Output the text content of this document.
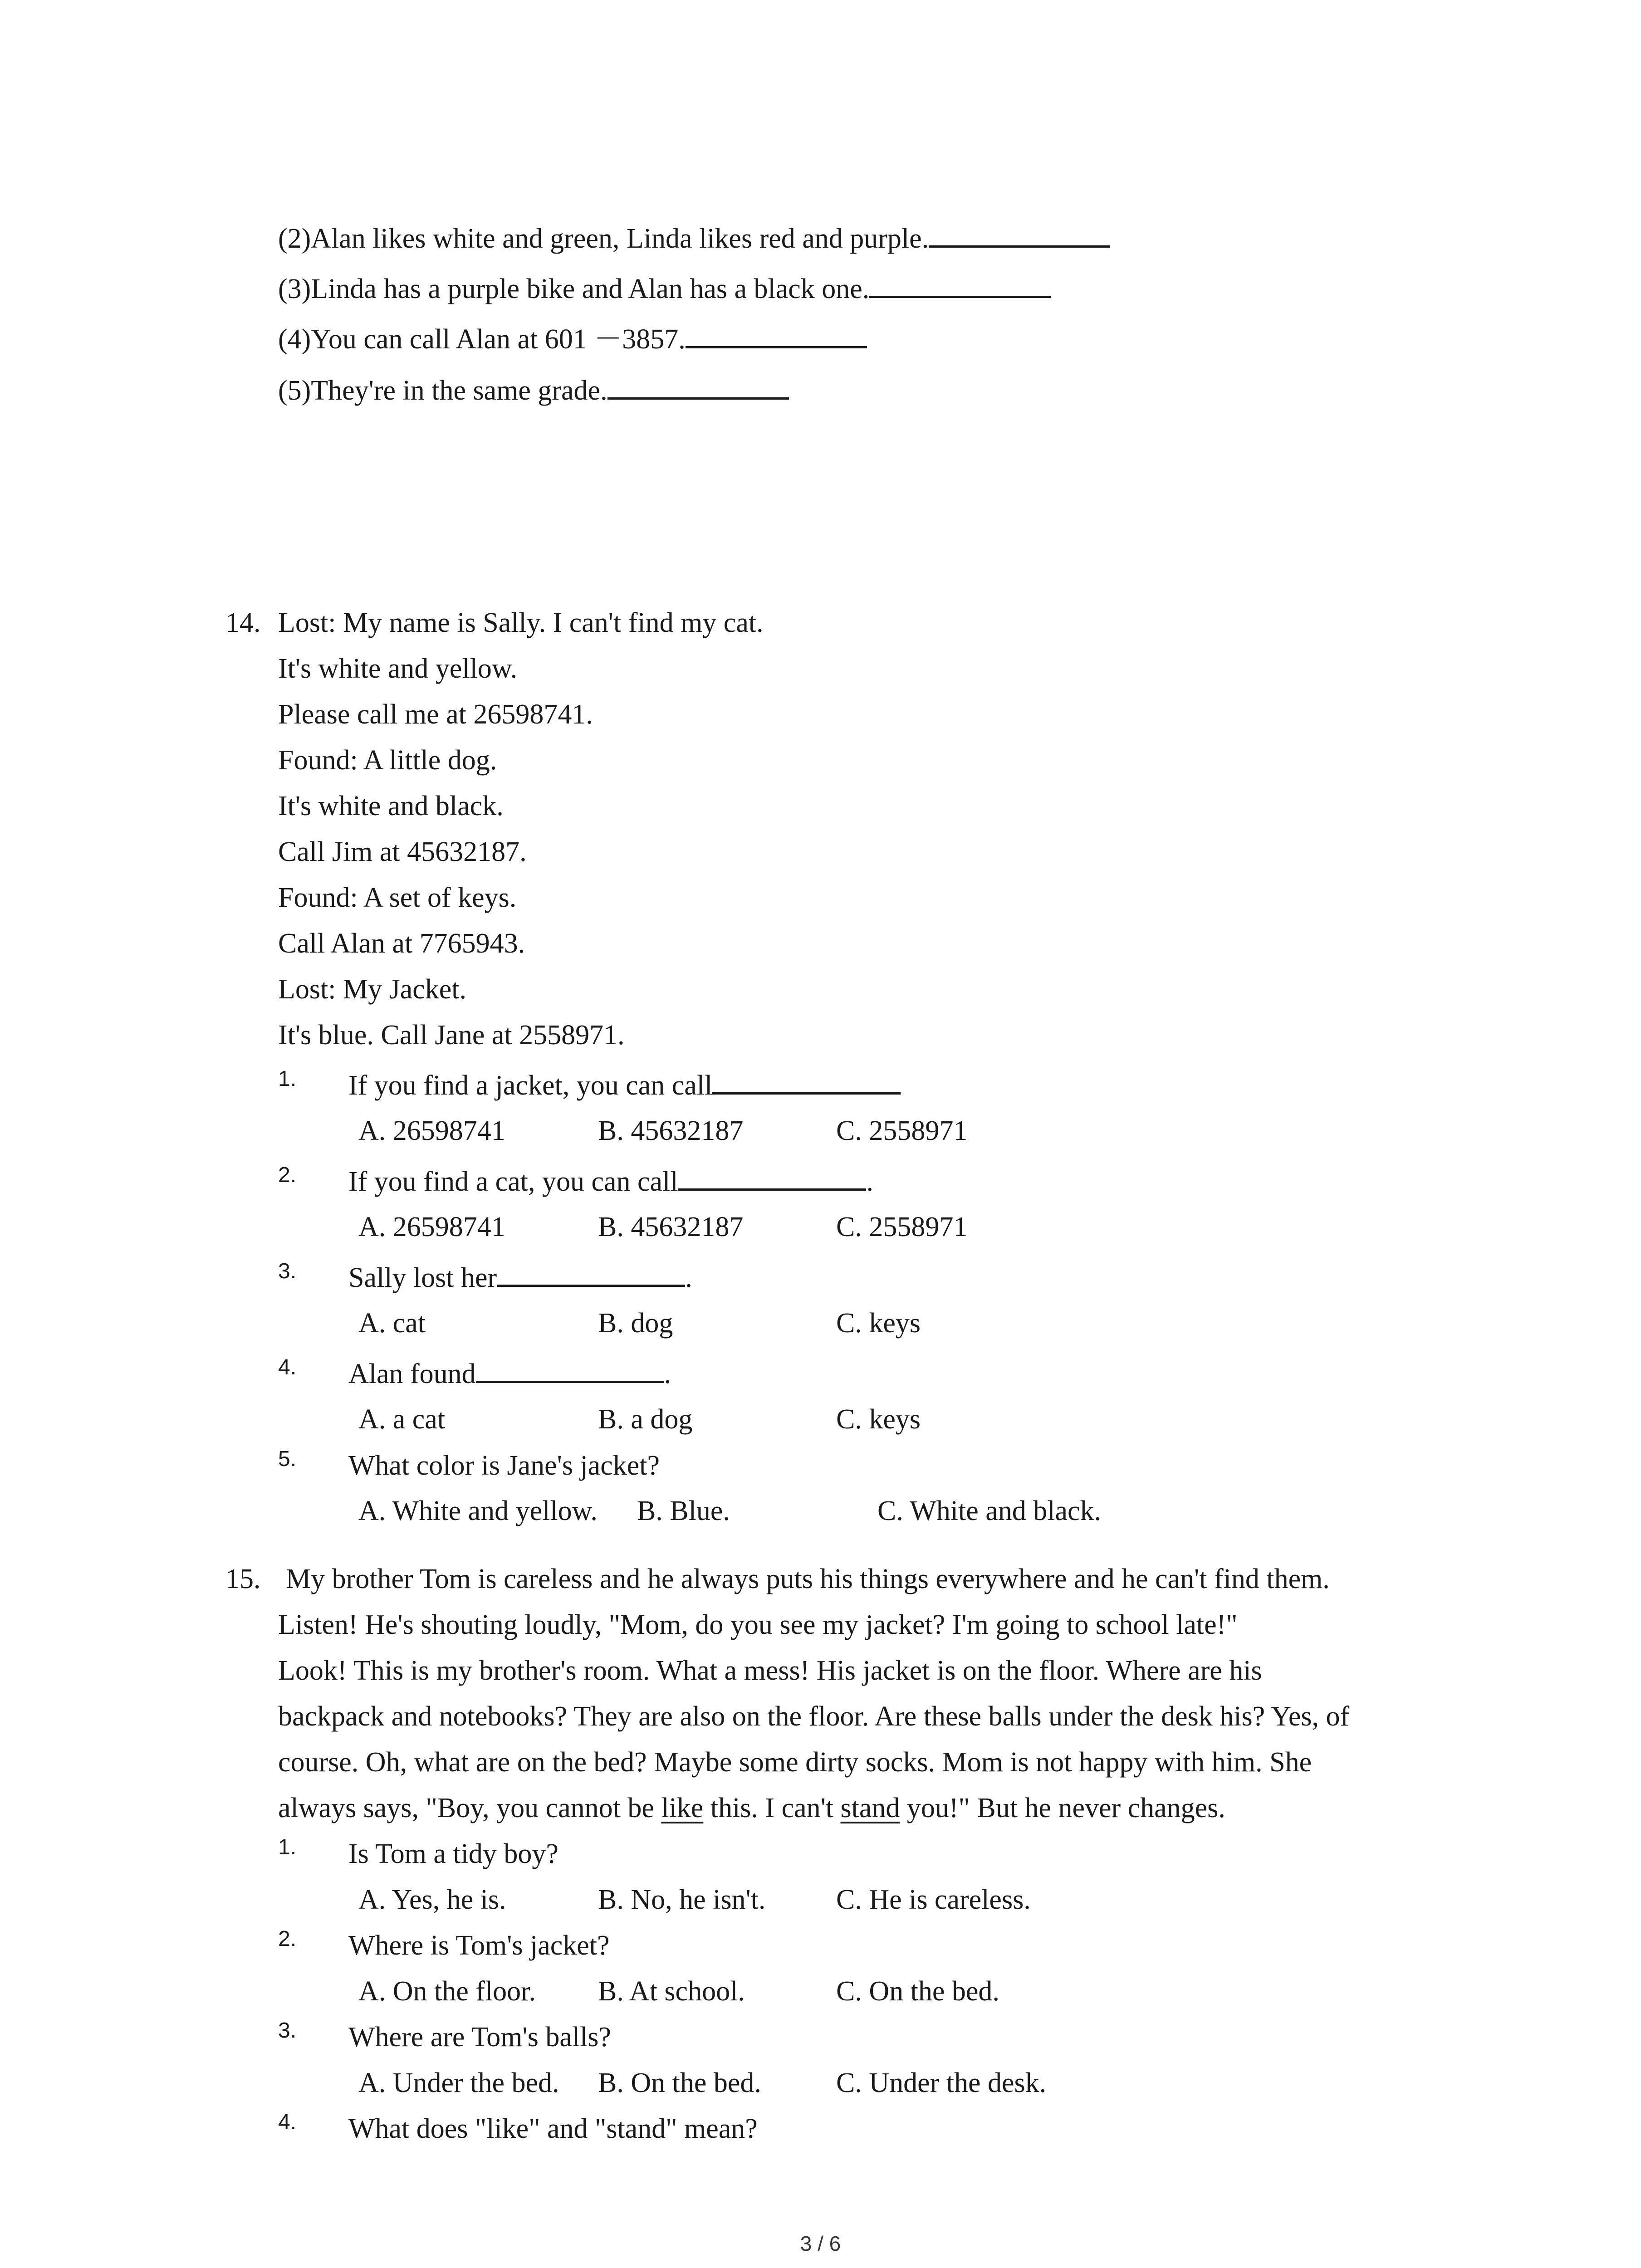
(2)Alan likes white and green, Linda likes red and purple.
(3)Linda has a purple bike and Alan has a black one.
(4)You can call Alan at 601 －3857.
(5)They're in the same grade.
14. Lost: My name is Sally. I can't find my cat.
It's white and yellow.
Please call me at 26598741.
Found: A little dog.
It's white and black.
Call Jim at 45632187.
Found: A set of keys.
Call Alan at 7765943.
Lost: My Jacket.
It's blue. Call Jane at 2558971.
1. If you find a jacket, you can call
A. 26598741	B. 45632187	C. 2558971
2. If you find a cat, you can call	.
A. 26598741	B. 45632187	C. 2558971
3. Sally lost her	.
A. cat	B. dog	C. keys
4. Alan found	.
A. a cat	B. a dog	C. keys
5. What color is Jane's jacket?
A. White and yellow. B. Blue.	C. White and black.
15. My brother Tom is careless and he always puts his things everywhere and he can't find them.
Listen! He's shouting loudly, "Mom, do you see my jacket? I'm going to school late!"
Look! This is my brother's room. What a mess! His jacket is on the floor. Where are his
backpack and notebooks? They are also on the floor. Are these balls under the desk his? Yes, of
course. Oh, what are on the bed? Maybe some dirty socks. Mom is not happy with him. She
always says, "Boy, you cannot be like this. I can't stand you!" But he never changes.
1. Is Tom a tidy boy?
A. Yes, he is.	B. No, he isn't.	C. He is careless.
2. Where is Tom's jacket?
A. On the floor. B. At school.	C. On the bed.
3. Where are Tom's balls?
A. Under the bed. B. On the bed.	C. Under the desk.
4. What does "like" and "stand" mean?
3 / 6
